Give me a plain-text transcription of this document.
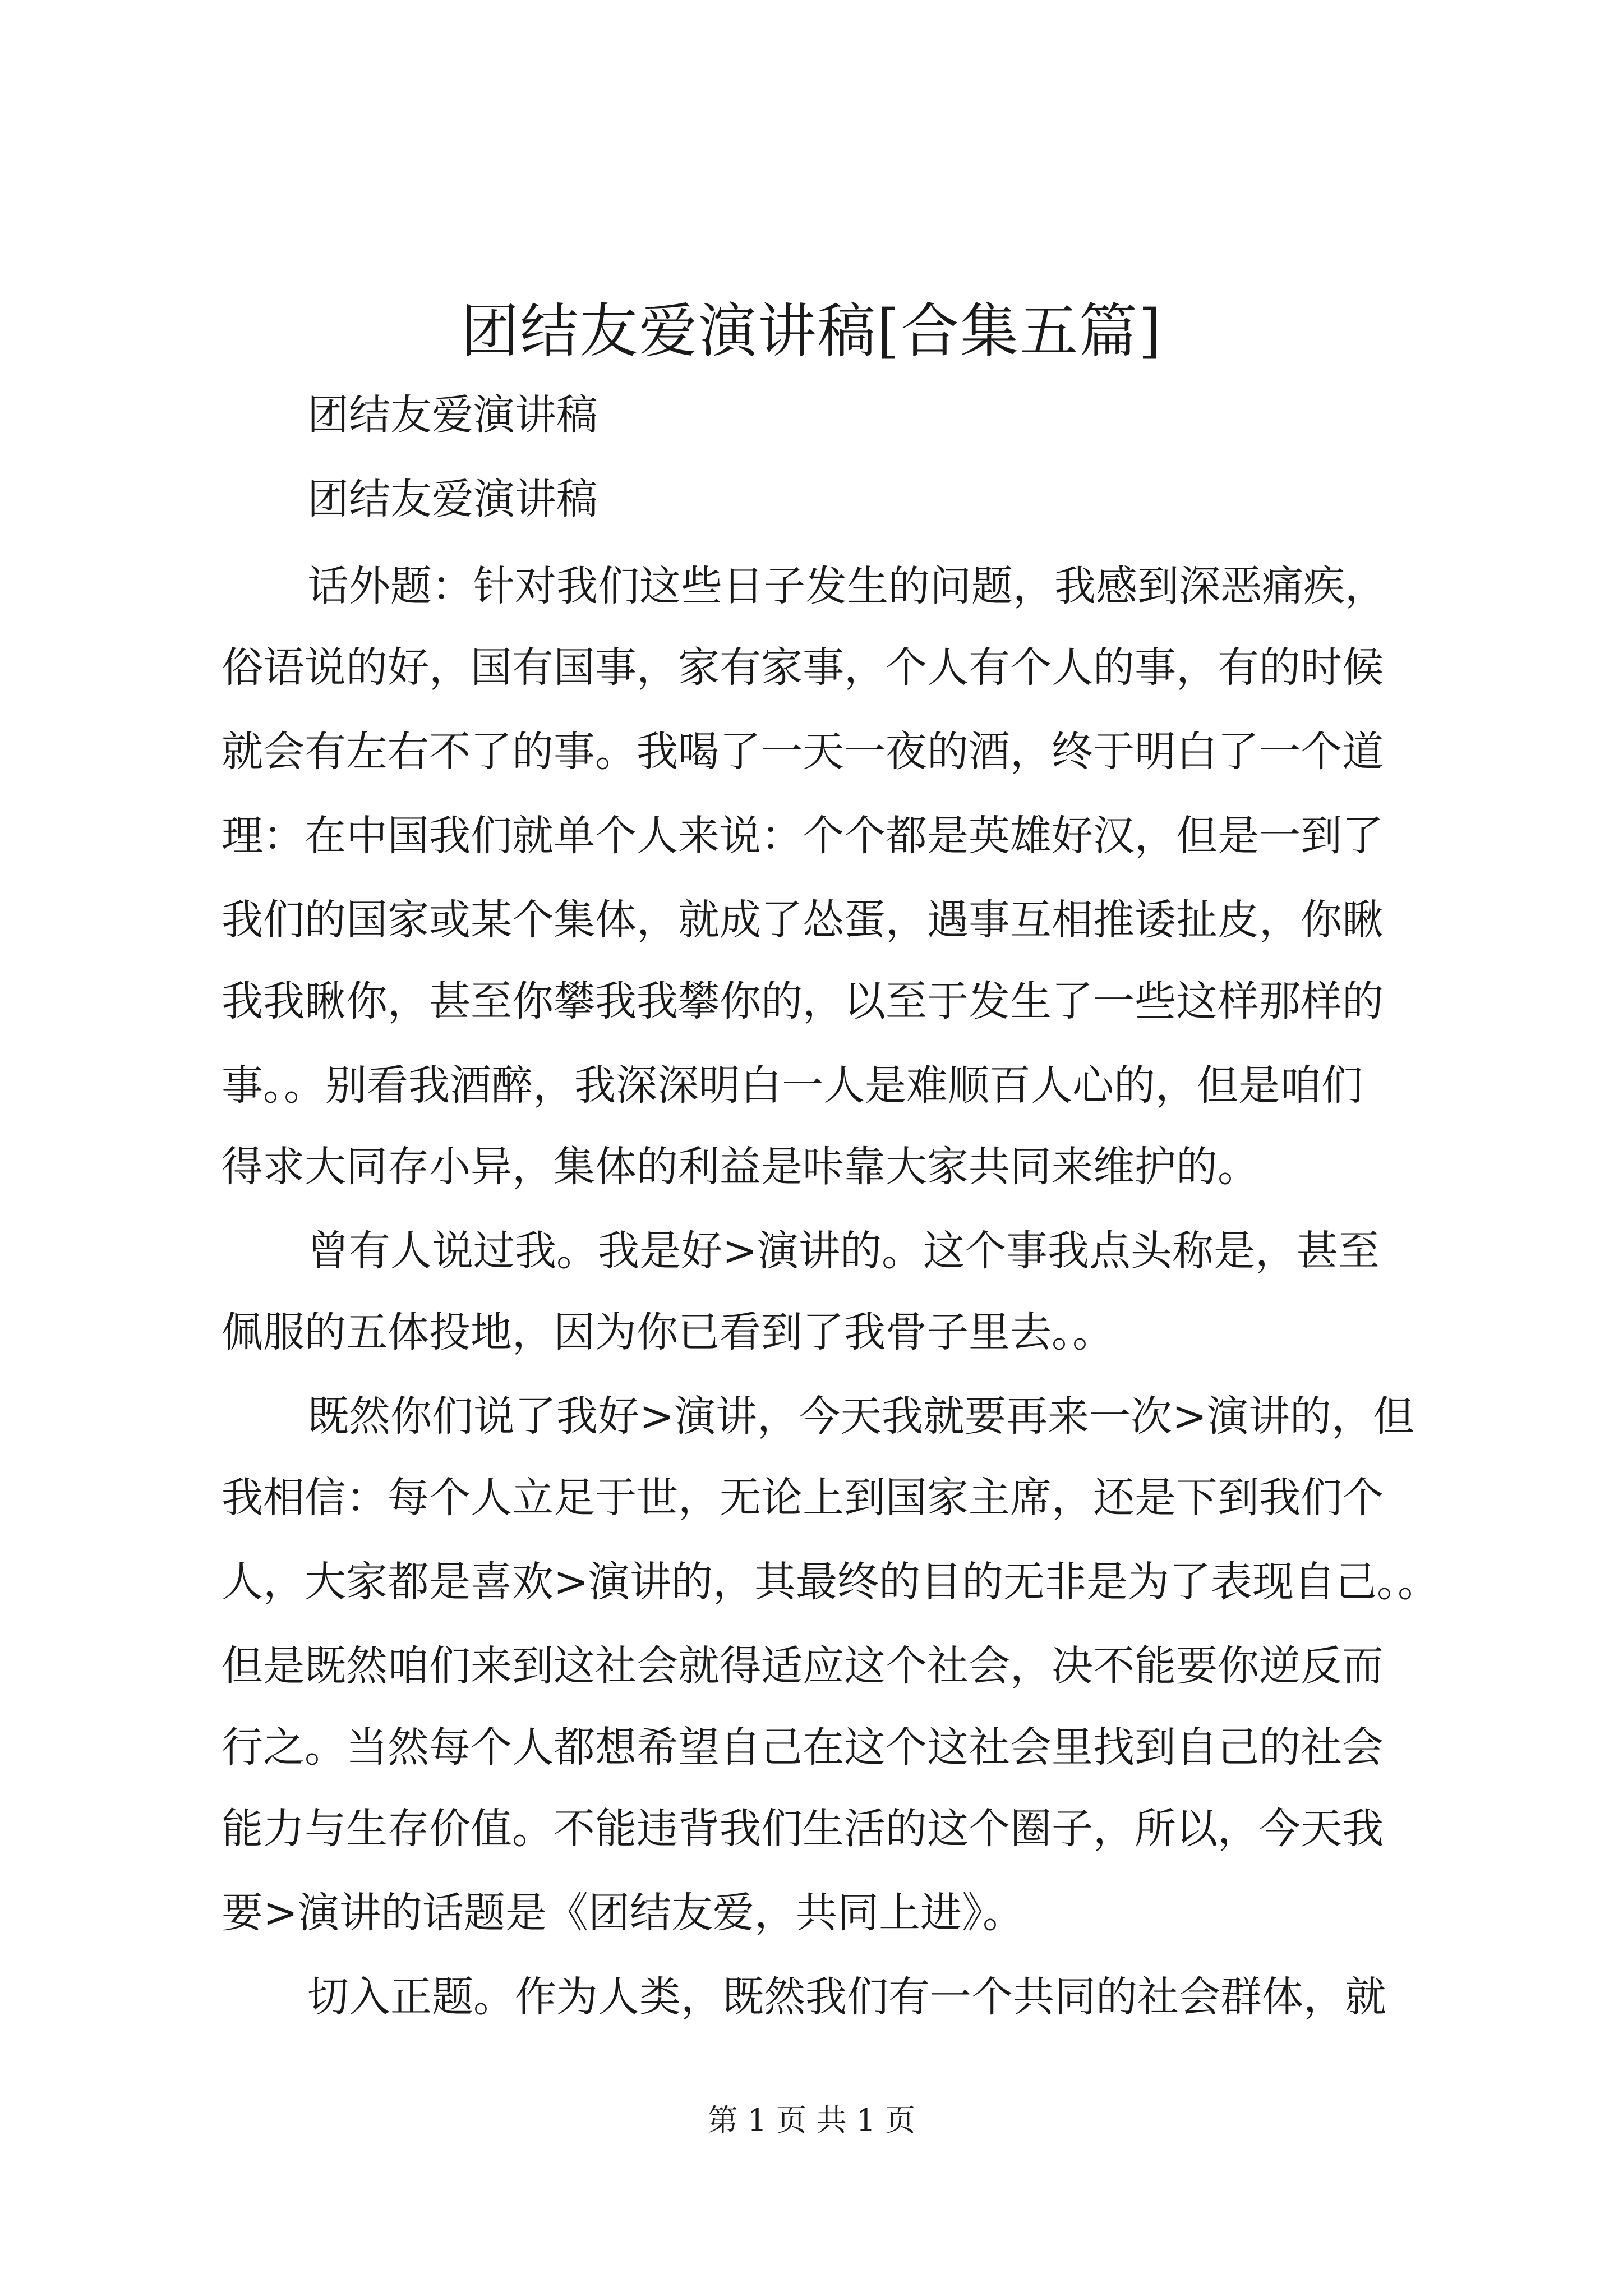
团结友爱演讲稿[合集五篇]
团结友爱演讲稿
团结友爱演讲稿
话外题：针对我们这些日子发生的问题，我感到深恶痛疾，
俗语说的好，国有国事，家有家事，个人有个人的事，有的时候
就会有左右不了的事。我喝了一天一夜的酒，终于明白了一个道
理：在中国我们就单个人来说：个个都是英雄好汉，但是一到了
我们的国家或某个集体，就成了怂蛋，遇事互相推诿扯皮，你瞅
我我瞅你，甚至你攀我我攀你的，以至于发生了一些这样那样的
事。。别看我酒醉，我深深明白一人是难顺百人心的，但是咱们
得求大同存小异，集体的利益是咔靠大家共同来维护的。
曾有人说过我。我是好>演讲的。这个事我点头称是，甚至
佩服的五体投地，因为你已看到了我骨子里去。。
既然你们说了我好>演讲，今天我就要再来一次>演讲的，但
我相信：每个人立足于世，无论上到国家主席，还是下到我们个
人，大家都是喜欢>演讲的，其最终的目的无非是为了表现自己。。
但是既然咱们来到这社会就得适应这个社会，决不能要你逆反而
行之。当然每个人都想希望自己在这个这社会里找到自己的社会
能力与生存价值。不能违背我们生活的这个圈子，所以，今天我
要>演讲的话题是《团结友爱，共同上进》。
切入正题。作为人类，既然我们有一个共同的社会群体，就
第 1 页 共 1 页
